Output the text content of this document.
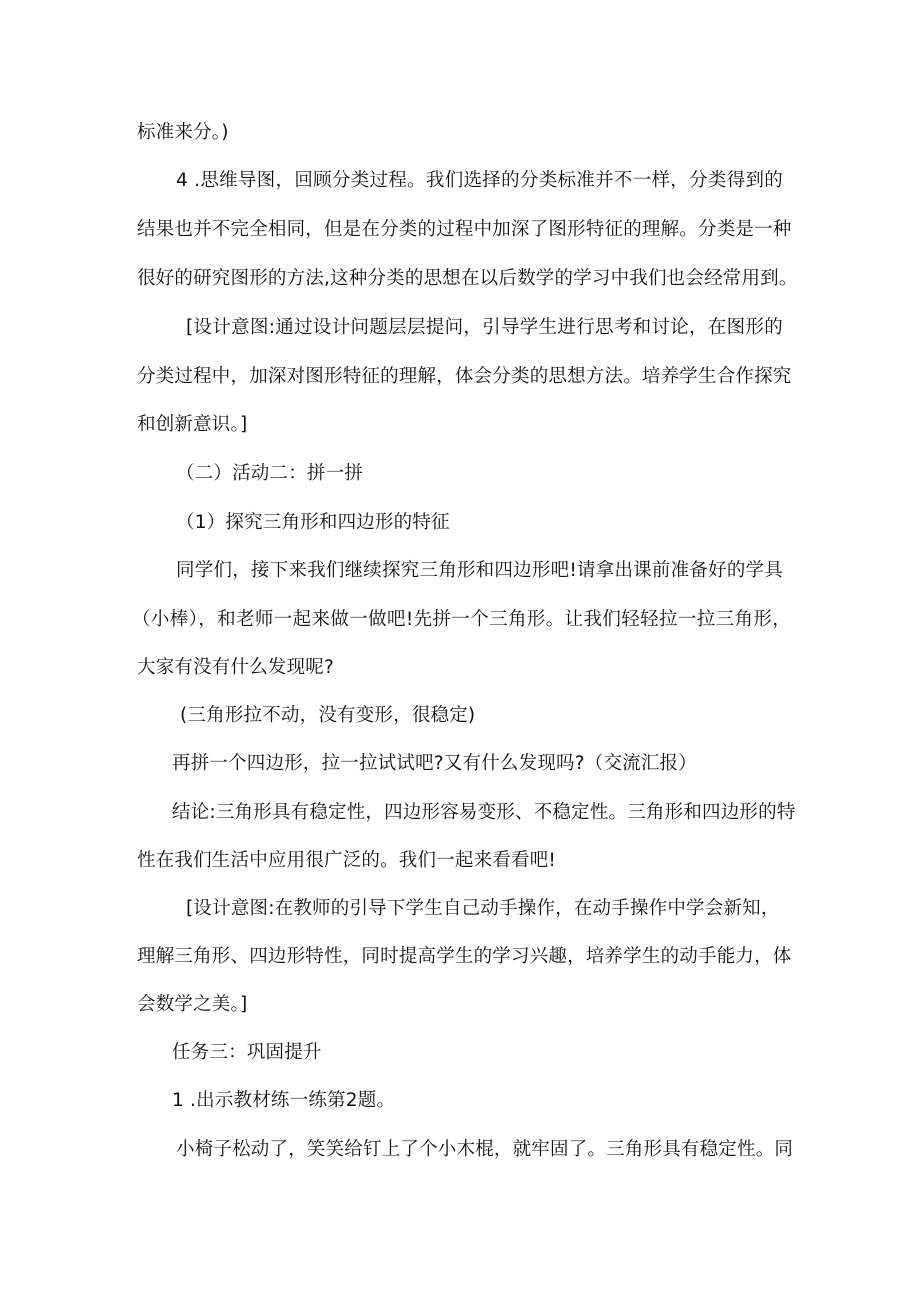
标准来分。)
4 .思维导图，回顾分类过程。我们选择的分类标准并不一样，分类得到的
结果也并不完全相同，但是在分类的过程中加深了图形特征的理解。分类是一种
很好的研究图形的方法,这种分类的思想在以后数学的学习中我们也会经常用到。
[设计意图:通过设计问题层层提问，引导学生进行思考和讨论，在图形的
分类过程中，加深对图形特征的理解，体会分类的思想方法。培养学生合作探究
和创新意识。]
（二）活动二：拼一拼
（1）探究三角形和四边形的特征
同学们，接下来我们继续探究三角形和四边形吧!请拿出课前准备好的学具
（小棒），和老师一起来做一做吧!先拼一个三角形。让我们轻轻拉一拉三角形，
大家有没有什么发现呢?
(三角形拉不动，没有变形，很稳定)
再拼一个四边形，拉一拉试试吧?又有什么发现吗?（交流汇报）
结论:三角形具有稳定性，四边形容易变形、不稳定性。三角形和四边形的特
性在我们生活中应用很广泛的。我们一起来看看吧!
[设计意图:在教师的引导下学生自己动手操作，在动手操作中学会新知，
理解三角形、四边形特性，同时提高学生的学习兴趣，培养学生的动手能力，体
会数学之美。]
任务三：巩固提升
1 .出示教材练一练第2题。
小椅子松动了，笑笑给钉上了个小木棍，就牢固了。三角形具有稳定性。同
